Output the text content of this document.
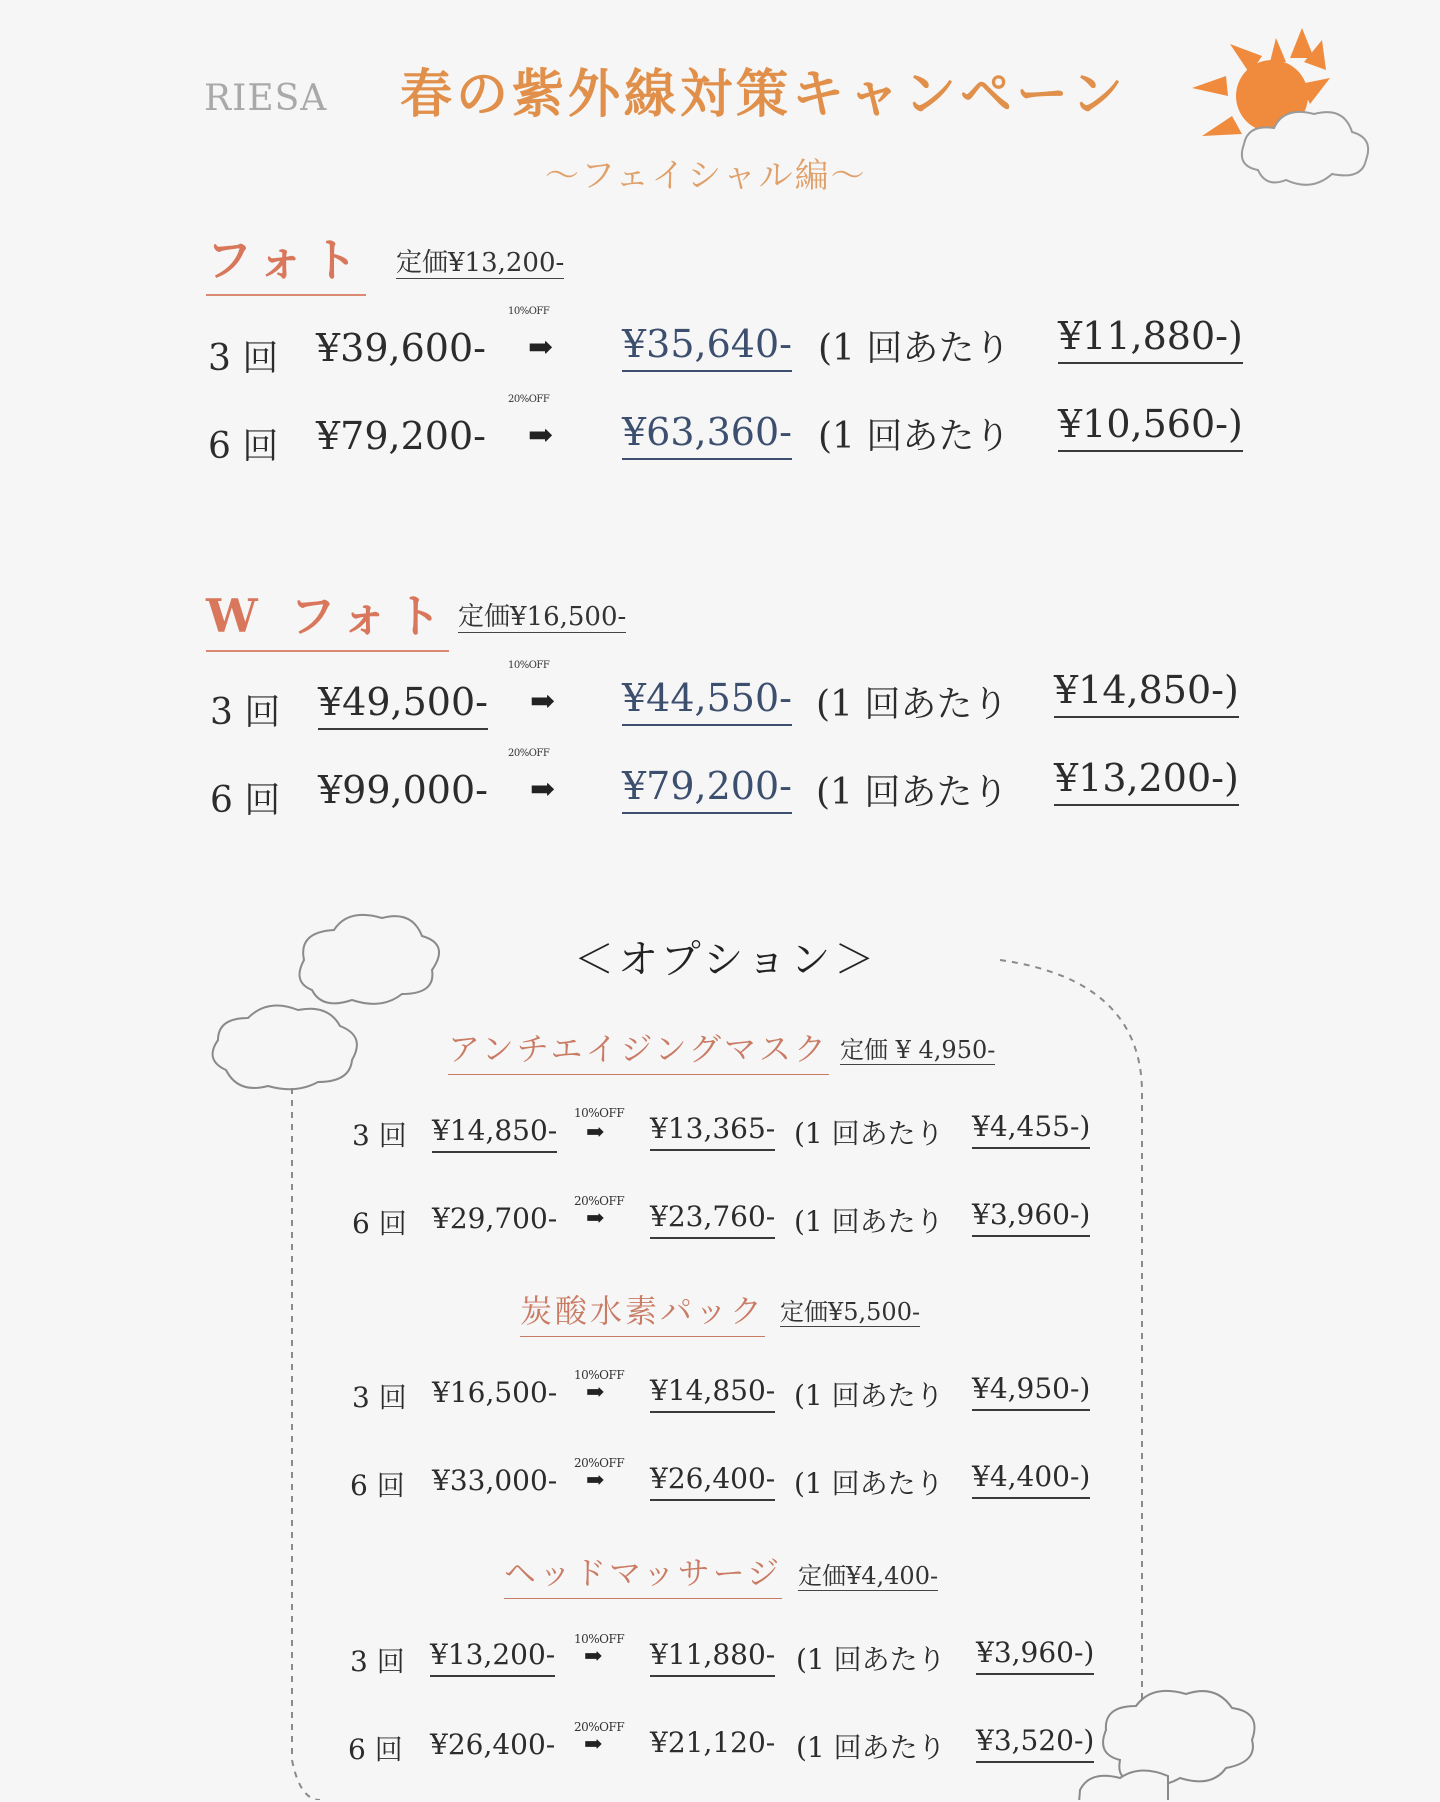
RIESA 春の紫外線対策キャンペーン
〜フェイシャル編〜
フォト 定価¥13,200-
3 回 ¥39,600-
10%OFF
➡ ¥35,640- (1 回あたり ¥11,880-)
6 回 ¥79,200-
20%OFF
➡ ¥63,360- (1 回あたり ¥10,560-)
W フォト 定価¥16,500-
3 回 ¥49,500-
10%OFF
➡ ¥44,550- (1 回あたり ¥14,850-)
6 回 ¥99,000-
20%OFF
➡ ¥79,200- (1 回あたり ¥13,200-)
＜オプション＞
アンチエイジングマスク 定価 ¥ 4,950-
3 回 ¥14,850-
10%OFF
➡ ¥13,365- (1 回あたり ¥4,455-)
6 回 ¥29,700-
20%OFF
➡ ¥23,760- (1 回あたり ¥3,960-)
炭酸水素パック 定価¥5,500-
3 回 ¥16,500-
10%OFF
➡ ¥14,850- (1 回あたり ¥4,950-)
6 回 ¥33,000-
20%OFF
➡ ¥26,400- (1 回あたり ¥4,400-)
ヘッドマッサージ 定価¥4,400-
3 回 ¥13,200- 10%OFF
➡ ¥11,880- (1 回あたり ¥3,960-)
6 回 ¥26,400-
20%OFF
➡ ¥21,120- (1 回あたり ¥3,520-)
